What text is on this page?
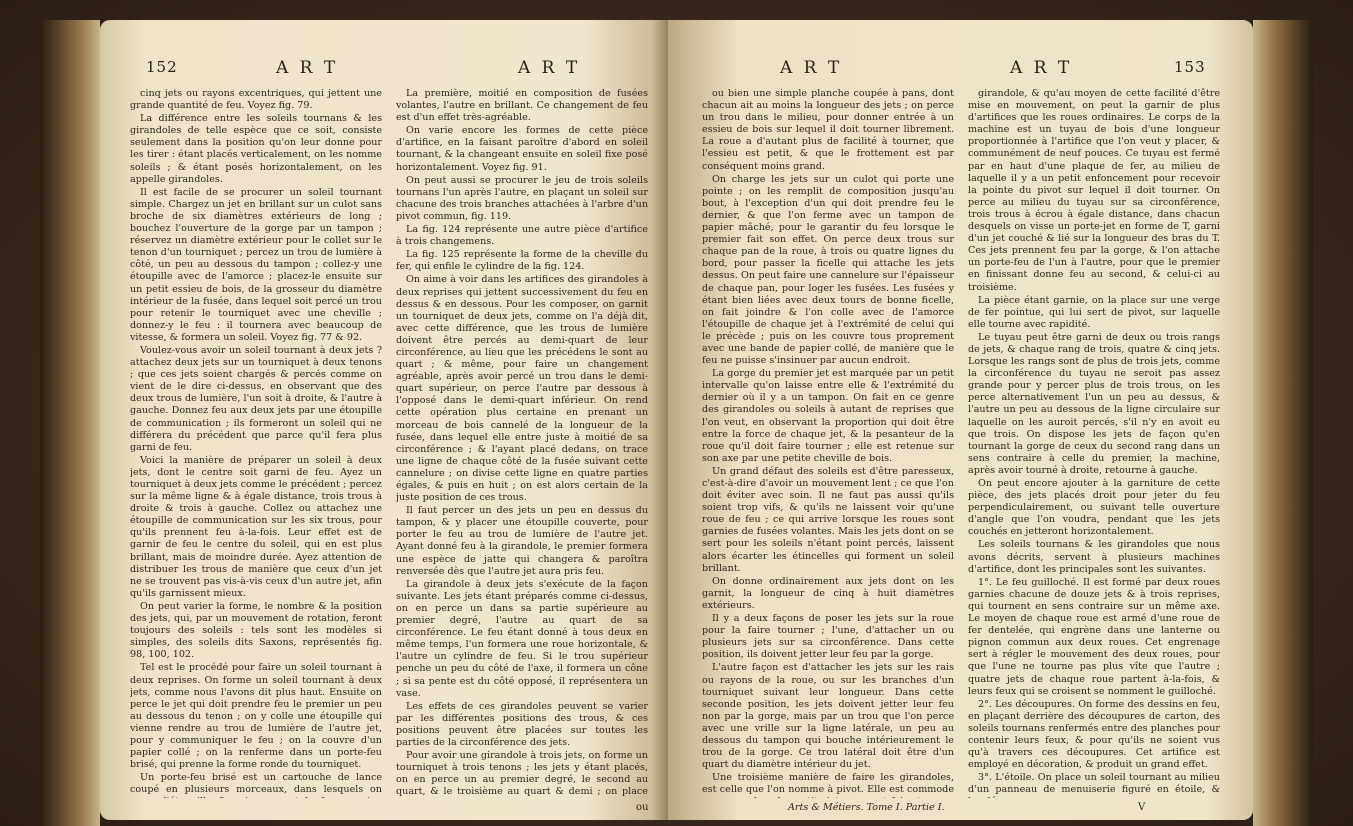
152	A R T	A R T

cinq jets ou rayons excentriques, qui jettent une grande quantité de feu. Voyez fig. 79.

La différence entre les soleils tournans & les girandoles de telle espèce que ce soit, consiste seulement dans la position qu'on leur donne pour les tirer : étant placés verticalement, on les nomme soleils ; & étant posés horizontalement, on les appelle girandoles.

Il est facile de se procurer un soleil tournant simple. Chargez un jet en brillant sur un culot sans broche de six diamètres extérieurs de long ; bouchez l'ouverture de la gorge par un tampon ; réservez un diamètre extérieur pour le collet sur le tenon d'un tourniquet ; percez un trou de lumière à côté, un peu au dessous du tampon ; collez-y une étoupille avec de l'amorce ; placez-le ensuite sur un petit essieu de bois, de la grosseur du diamètre intérieur de la fusée, dans lequel soit percé un trou pour retenir le tourniquet avec une cheville ; donnez-y le feu : il tournera avec beaucoup de vitesse, & formera un soleil. Voyez fig. 77 & 92.

Voulez-vous avoir un soleil tournant à deux jets ? attachez deux jets sur un tourniquet à deux tenons ; que ces jets soient chargés & percés comme on vient de le dire ci-dessus, en observant que des deux trous de lumière, l'un soit à droite, & l'autre à gauche. Donnez feu aux deux jets par une étoupille de communication ; ils formeront un soleil qui ne différera du précédent que parce qu'il fera plus garni de feu.

Voici la manière de préparer un soleil à deux jets, dont le centre soit garni de feu. Ayez un tourniquet à deux jets comme le précédent ; percez sur la même ligne & à égale distance, trois trous à droite & trois à gauche. Collez ou attachez une étoupille de communication sur les six trous, pour qu'ils prennent feu à-la-fois. Leur effet est de garnir de feu le centre du soleil, qui en est plus brillant, mais de moindre durée. Ayez attention de distribuer les trous de manière que ceux d'un jet ne se trouvent pas vis-à-vis ceux d'un autre jet, afin qu'ils garnissent mieux.

On peut varier la forme, le nombre & la position des jets, qui, par un mouvement de rotation, feront toujours des soleils : tels sont les modèles si simples, des soleils dits Saxons, représentés fig. 98, 100, 102.

Tel est le procédé pour faire un soleil tournant à deux reprises. On forme un soleil tournant à deux jets, comme nous l'avons dit plus haut. Ensuite on perce le jet qui doit prendre feu le premier un peu au dessous du tenon ; on y colle une étoupille qui vienne rendre au trou de lumière de l'autre jet, pour y communiquer le feu ; on la couvre d'un papier collé ; on la renferme dans un porte-feu brisé, qui prenne la forme ronde du tourniquet.

Un porte-feu brisé est un cartouche de lance coupé en plusieurs morceaux, dans lesquels on

La première, moitié en composition de fusées volantes, l'autre en brillant. Ce changement de feu est d'un effet très-agréable.

On varie encore les formes de cette pièce d'artifice, en la faisant paroître d'abord en soleil tournant, & la changeant ensuite en soleil fixe posé horizontalement. Voyez fig. 91.

On peut aussi se procurer le jeu de trois soleils tournans l'un après l'autre, en plaçant un soleil sur chacune des trois branches attachées à l'arbre d'un pivot commun, fig. 119.

La fig. 124 représente une autre pièce d'artifice à trois changemens.

La fig. 125 représente la forme de la cheville du fer, qui enfile le cylindre de la fig. 124.

On aime à voir dans les artifices des girandoles à deux reprises qui jettent successivement du feu en dessus & en dessous. Pour les composer, on garnit un tourniquet de deux jets, comme on l'a déjà dit, avec cette différence, que les trous de lumière doivent être percés au demi-quart de leur circonférence, au lieu que les précédens le sont au quart ; & même, pour faire un changement agréable, après avoir percé un trou dans le demi-quart supérieur, on perce l'autre par dessous à l'opposé dans le demi-quart inférieur. On rend cette opération plus certaine en prenant un morceau de bois cannelé de la longueur de la fusée, dans lequel elle entre juste à moitié de sa circonférence ; & l'ayant placé dedans, on trace une ligne de chaque côté de la fusée suivant cette cannelure ; on divise cette ligne en quatre parties égales, & puis en huit ; on est alors certain de la juste position de ces trous.

Il faut percer un des jets un peu en dessus du tampon, & y placer une étoupille couverte, pour porter le feu au trou de lumière de l'autre jet. Ayant donné feu à la girandole, le premier formera une espèce de jatte qui changera & paroîtra renversée dès que l'autre jet aura pris feu.

La girandole à deux jets s'exécute de la façon suivante. Les jets étant préparés comme ci-dessus, on en perce un dans sa partie supérieure au premier degré, l'autre au quart de sa circonférence. Le feu étant donné à tous deux en même temps, l'un formera une roue horizontale, & l'autre un cylindre de feu. Si le trou supérieur penche un peu du côté de l'axe, il formera un cône ; si sa pente est du côté opposé, il représentera un vase.

Les effets de ces girandoles peuvent se varier par les différentes positions des trous, & ces positions peuvent être placées sur toutes les parties de la circonférence des jets.

Pour avoir une girandole à trois jets, on forme un tourniquet à trois tenons ; les jets y étant placés, on en perce un au premier degré, le second au quart, & le troisième au quart & demi ; on place

ou
A R T	A R T	153

ou bien une simple planche coupée à pans, dont chacun ait au moins la longueur des jets ; on perce un trou dans le milieu, pour donner entrée à un essieu de bois sur lequel il doit tourner librement. La roue a d'autant plus de facilité à tourner, que l'essieu est petit, & que le frottement est par conséquent moins grand.

On charge les jets sur un culot qui porte une pointe ; on les remplit de composition jusqu'au bout, à l'exception d'un qui doit prendre feu le dernier, & que l'on ferme avec un tampon de papier mâché, pour le garantir du feu lorsque le premier fait son effet. On perce deux trous sur chaque pan de la roue, à trois ou quatre lignes du bord, pour passer la ficelle qui attache les jets dessus. On peut faire une cannelure sur l'épaisseur de chaque pan, pour loger les fusées. Les fusées y étant bien liées avec deux tours de bonne ficelle, on fait joindre & l'on colle avec de l'amorce l'étoupille de chaque jet à l'extrémité de celui qui le précède ; puis on les couvre tous proprement avec une bande de papier collé, de manière que le feu ne puisse s'insinuer par aucun endroit.

La gorge du premier jet est marquée par un petit intervalle qu'on laisse entre elle & l'extrémité du dernier où il y a un tampon. On fait en ce genre des girandoles ou soleils à autant de reprises que l'on veut, en observant la proportion qui doit être entre la force de chaque jet, & la pesanteur de la roue qu'il doit faire tourner ; elle est retenue sur son axe par une petite cheville de bois.

Un grand défaut des soleils est d'être paresseux, c'est-à-dire d'avoir un mouvement lent ; ce que l'on doit éviter avec soin. Il ne faut pas aussi qu'ils soient trop vifs, & qu'ils ne laissent voir qu'une roue de feu ; ce qui arrive lorsque les roues sont garnies de fusées volantes. Mais les jets dont on se sert pour les soleils n'étant point percés, laissent alors écarter les étincelles qui forment un soleil brillant.

On donne ordinairement aux jets dont on les garnit, la longueur de cinq à huit diamètres extérieurs.

Il y a deux façons de poser les jets sur la roue pour la faire tourner ; l'une, d'attacher un ou plusieurs jets sur sa circonférence. Dans cette position, ils doivent jetter leur feu par la gorge.

L'autre façon est d'attacher les jets sur les rais ou rayons de la roue, ou sur les branches d'un tourniquet suivant leur longueur. Dans cette seconde position, les jets doivent jetter leur feu non par la gorge, mais par un trou que l'on perce avec une vrille sur la ligne latérale, un peu au dessous du tampon qui bouche intérieurement le trou de la gorge. Ce trou latéral doit être d'un quart du diamètre intérieur du jet.

Une troisième manière de faire les girandoles, est celle que l'on nomme à pivot. Elle est commode

Arts & Métiers. Tome I. Partie I.

girandole, & qu'au moyen de cette facilité d'être mise en mouvement, on peut la garnir de plus d'artifices que les roues ordinaires. Le corps de la machine est un tuyau de bois d'une longueur proportionnée à l'artifice que l'on veut y placer, & communément de neuf pouces. Ce tuyau est fermé par en haut d'une plaque de fer, au milieu de laquelle il y a un petit enfoncement pour recevoir la pointe du pivot sur lequel il doit tourner. On perce au milieu du tuyau sur sa circonférence, trois trous à écrou à égale distance, dans chacun desquels on visse un porte-jet en forme de T, garni d'un jet couché & lié sur la longueur des bras du T. Ces jets prennent feu par la gorge, & l'on attache un porte-feu de l'un à l'autre, pour que le premier en finissant donne feu au second, & celui-ci au troisième.

La pièce étant garnie, on la place sur une verge de fer pointue, qui lui sert de pivot, sur laquelle elle tourne avec rapidité.

Le tuyau peut être garni de deux ou trois rangs de jets, & chaque rang de trois, quatre & cinq jets. Lorsque les rangs sont de plus de trois jets, comme la circonférence du tuyau ne seroit pas assez grande pour y percer plus de trois trous, on les perce alternativement l'un un peu au dessus, & l'autre un peu au dessous de la ligne circulaire sur laquelle on les auroit percés, s'il n'y en avoit eu que trois. On dispose les jets de façon qu'en tournant la gorge de ceux du second rang dans un sens contraire à celle du premier, la machine, après avoir tourné à droite, retourne à gauche.

On peut encore ajouter à la garniture de cette pièce, des jets placés droit pour jeter du feu perpendiculairement, ou suivant telle ouverture d'angle que l'on voudra, pendant que les jets couchés en jetteront horizontalement.

Les soleils tournans & les girandoles que nous avons décrits, servent à plusieurs machines d'artifice, dont les principales sont les suivantes.

1°. Le feu guilloché. Il est formé par deux roues garnies chacune de douze jets & à trois reprises, qui tournent en sens contraire sur un même axe. Le moyen de chaque roue est armé d'une roue de fer dentelée, qui engrène dans une lanterne ou pignon commun aux deux roues. Cet engrenage sert à régler le mouvement des deux roues, pour que l'une ne tourne pas plus vîte que l'autre ; quatre jets de chaque roue partent à-la-fois, & leurs feux qui se croisent se nomment le guilloché.

2°. Les découpures. On forme des dessins en feu, en plaçant derrière des découpures de carton, des soleils tournans renfermés entre des planches pour contenir leurs feux, & pour qu'ils ne soient vus qu'à travers ces découpures. Cet artifice est employé en décoration, & produit un grand effet.

3°. L'étoile. On place un soleil tournant au milieu d'un panneau de menuiserie figuré en étoile, &

V
